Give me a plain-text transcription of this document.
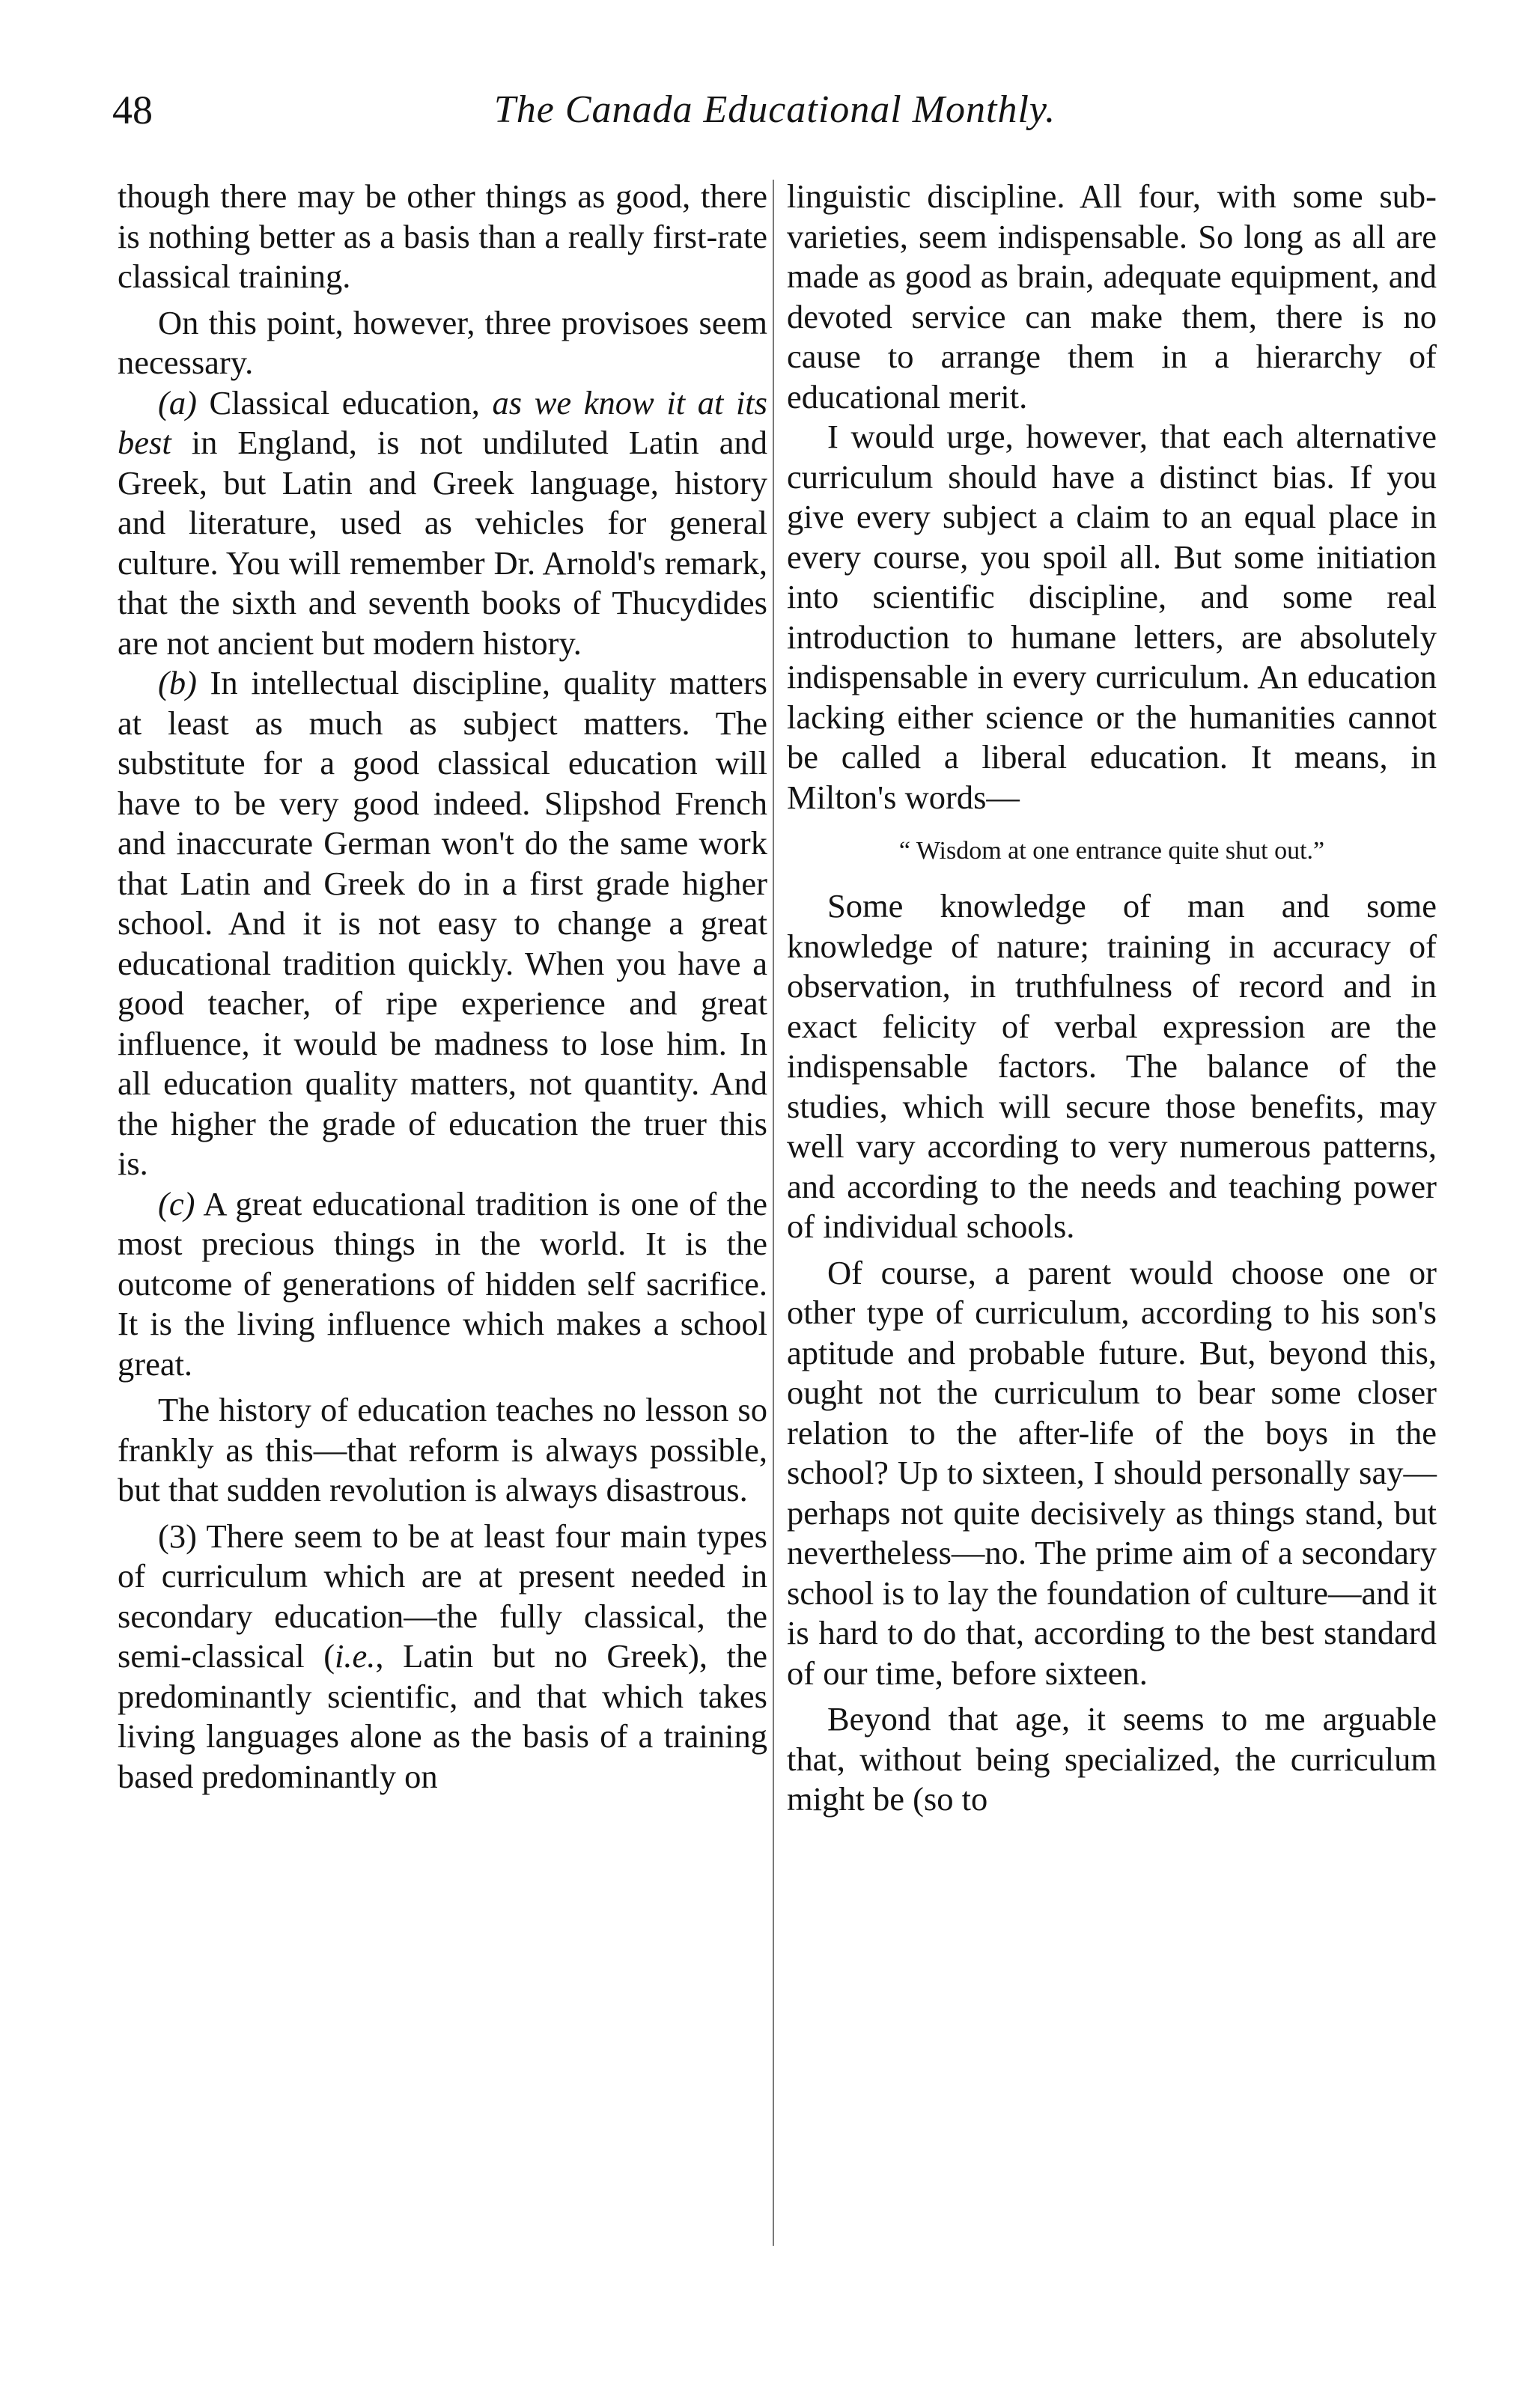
48	The Canada Educational Monthly.

though there may be other things as good, there is nothing better as a basis than a really first-rate classical training.

On this point, however, three provisoes seem necessary.

(a) Classical education, as we know it at its best in England, is not undiluted Latin and Greek, but Latin and Greek language, history and literature, used as vehicles for general culture. You will remember Dr. Arnold's remark, that the sixth and seventh books of Thucydides are not ancient but modern history.

(b) In intellectual discipline, quality matters at least as much as subject matters. The substitute for a good classical education will have to be very good indeed. Slipshod French and inaccurate German won't do the same work that Latin and Greek do in a first grade higher school. And it is not easy to change a great educational tradition quickly. When you have a good teacher, of ripe experience and great influence, it would be madness to lose him. In all education quality matters, not quantity. And the higher the grade of education the truer this is.

(c) A great educational tradition is one of the most precious things in the world. It is the outcome of generations of hidden self sacrifice. It is the living influence which makes a school great.

The history of education teaches no lesson so frankly as this—that reform is always possible, but that sudden revolution is always disastrous.

(3) There seem to be at least four main types of curriculum which are at present needed in secondary education—the fully classical, the semi-classical (i.e., Latin but no Greek), the predominantly scientific, and that which takes living languages alone as the basis of a training based predominantly on

linguistic discipline. All four, with some sub-varieties, seem indispensable. So long as all are made as good as brain, adequate equipment, and devoted service can make them, there is no cause to arrange them in a hierarchy of educational merit.

I would urge, however, that each alternative curriculum should have a distinct bias. If you give every subject a claim to an equal place in every course, you spoil all. But some initiation into scientific discipline, and some real introduction to humane letters, are absolutely indispensable in every curriculum. An education lacking either science or the humanities cannot be called a liberal education. It means, in Milton's words—

“ Wisdom at one entrance quite shut out.”

Some knowledge of man and some knowledge of nature; training in accuracy of observation, in truthfulness of record and in exact felicity of verbal expression are the indispensable factors. The balance of the studies, which will secure those benefits, may well vary according to very numerous patterns, and according to the needs and teaching power of individual schools.

Of course, a parent would choose one or other type of curriculum, according to his son's aptitude and probable future. But, beyond this, ought not the curriculum to bear some closer relation to the after-life of the boys in the school? Up to sixteen, I should personally say—perhaps not quite decisively as things stand, but nevertheless—no. The prime aim of a secondary school is to lay the foundation of culture—and it is hard to do that, according to the best standard of our time, before sixteen.

Beyond that age, it seems to me arguable that, without being specialized, the curriculum might be (so to
